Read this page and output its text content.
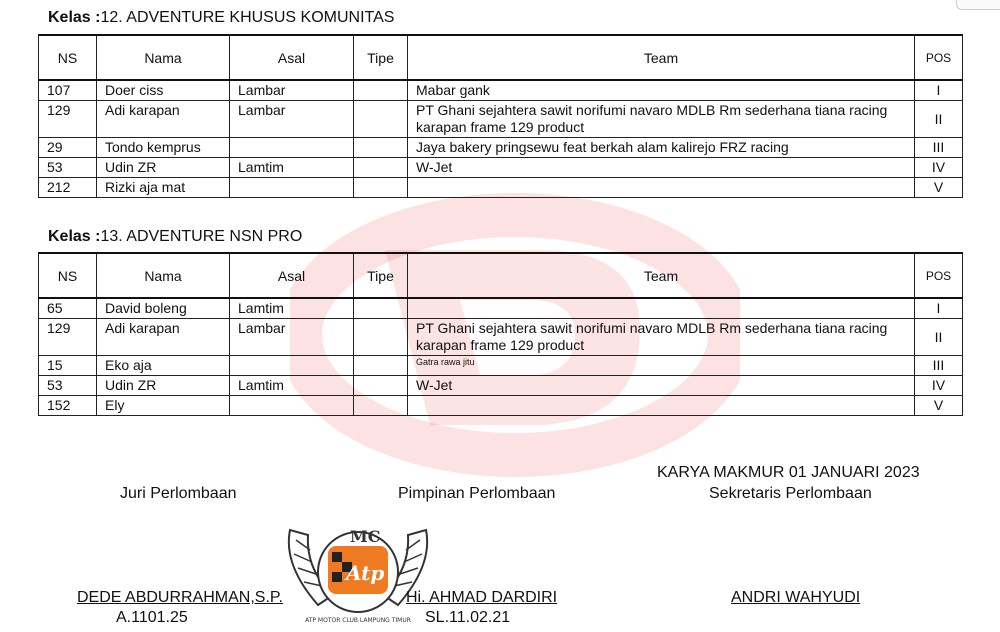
Kelas :12. ADVENTURE KHUSUS KOMUNITAS
NS	Nama	Asal	Tipe	Team	POS
107	Doer ciss	Lambar		Mabar gank	I
129	Adi karapan	Lambar		PT Ghani sejahtera sawit norifumi navaro MDLB Rm sederhana tiana racing karapan frame 129 product	II
29	Tondo kemprus			Jaya bakery pringsewu feat berkah alam kalirejo FRZ racing	III
53	Udin ZR	Lamtim		W-Jet	IV
212	Rizki aja mat				V
Kelas :13. ADVENTURE NSN PRO
NS	Nama	Asal	Tipe	Team	POS
65	David boleng	Lamtim			I
129	Adi karapan	Lambar		PT Ghani sejahtera sawit norifumi navaro MDLB Rm sederhana tiana racing karapan frame 129 product	II
15	Eko aja			Gatra rawa jitu	III
53	Udin ZR	Lamtim		W-Jet	IV
152	Ely				V
KARYA MAKMUR 01 JANUARI 2023
Juri Perlombaan	Pimpinan Perlombaan	Sekretaris Perlombaan
MC
Atp
ATP MOTOR CLUB LAMPUNG TIMUR
DEDE ABDURRAHMAN,S.P.
A.1101.25
Hi. AHMAD DARDIRI
SL.11.02.21
ANDRI WAHYUDI
